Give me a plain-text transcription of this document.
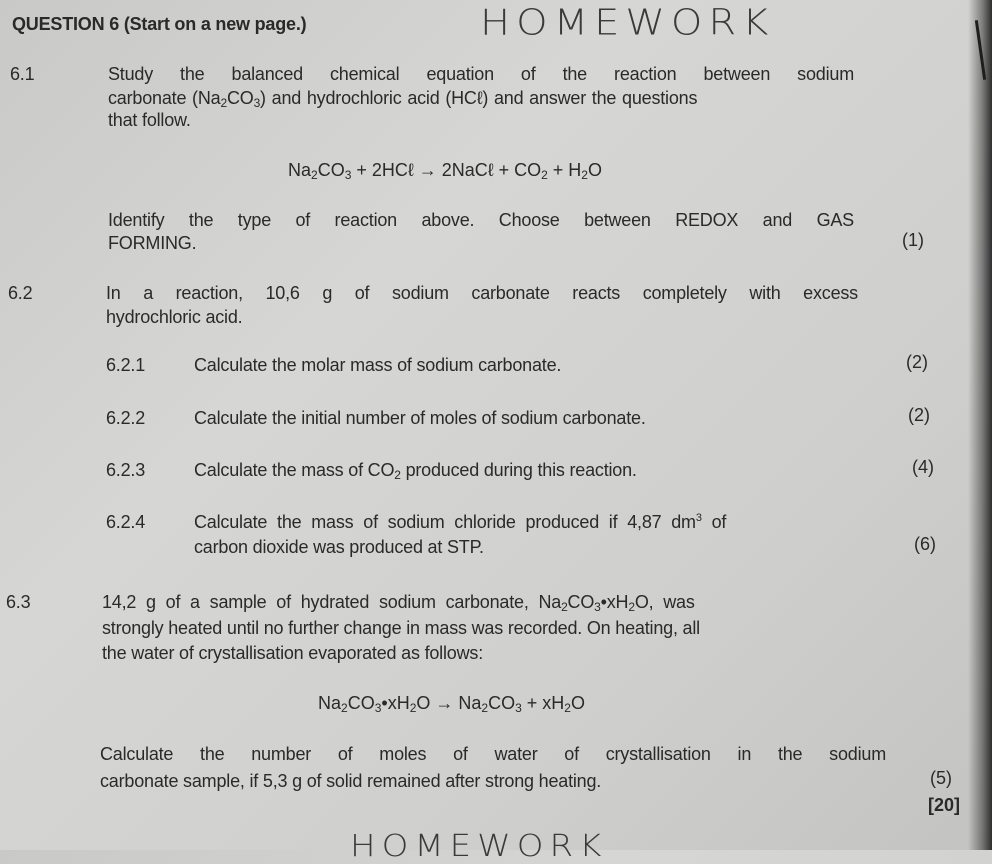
QUESTION 6 (Start on a new page.)	HOMEWORK
6.1	Study the balanced chemical equation of the reaction between sodium
carbonate $(Na_2CO_3)$ and hydrochloric acid (HCℓ) and answer the questions
that follow.
$Na_2CO_3$ + 2HCℓ → 2NaCℓ + $CO_2 + H_2O$
Identify the type of reaction above. Choose between REDOX and GAS
FORMING.	(1)
6.2	In a reaction, 10,6 g of sodium carbonate reacts completely with excess
hydrochloric acid.
6.2.1	Calculate the molar mass of sodium carbonate.	(2)
6.2.2	Calculate the initial number of moles of sodium carbonate.	(2)
6.2.3	Calculate the mass of $CO_2$ produced during this reaction.	(4)
6.2.4	Calculate the mass of sodium chloride produced if 4,87 $dm^3$ of
carbon dioxide was produced at STP.	(6)
6.3	14,2 g of a sample of hydrated sodium carbonate, $Na_2CO_3•xH_2O$, was
strongly heated until no further change in mass was recorded. On heating, all
the water of crystallisation evaporated as follows:
$Na_2CO_3•xH_2O \to Na_2CO_3 + xH_2O$
Calculate the number of moles of water of crystallisation in the sodium
carbonate sample, if 5,3 g of solid remained after strong heating.	(5)
[20]
HOMEWORK
